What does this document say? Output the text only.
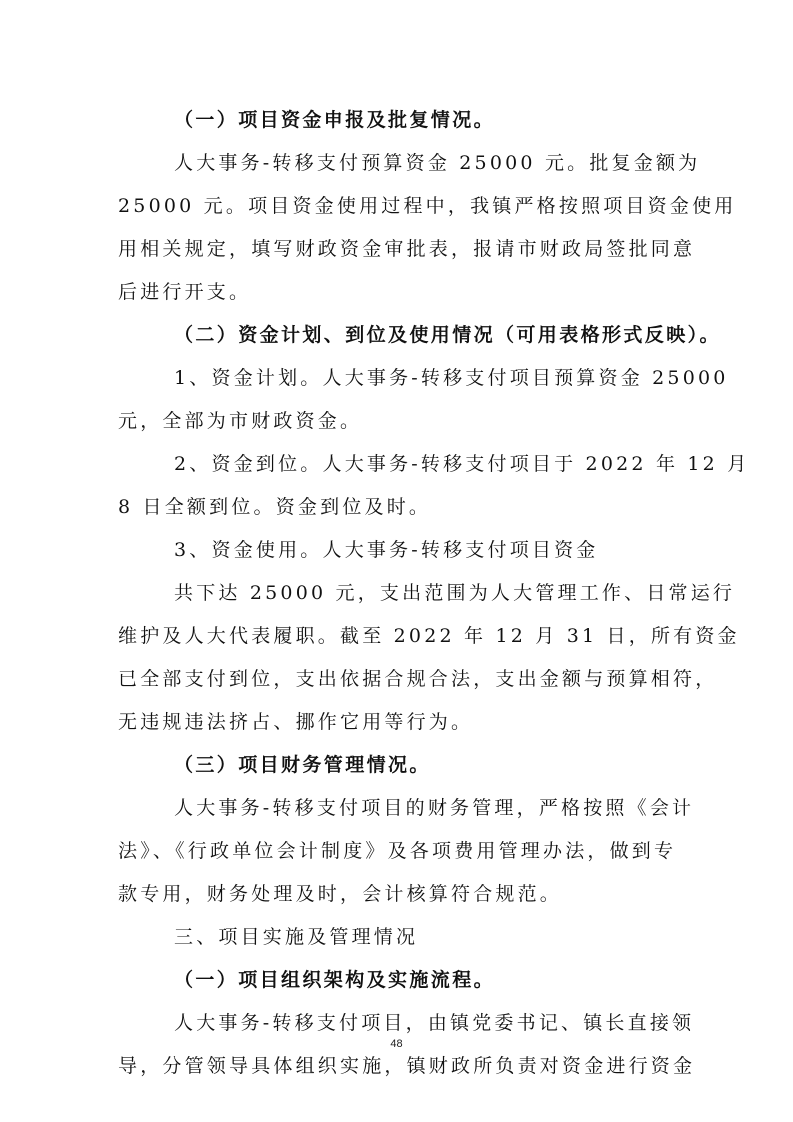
（一）项目资金申报及批复情况。
人大事务-转移支付预算资金 25000 元。批复金额为
25000 元。项目资金使用过程中，我镇严格按照项目资金使用
用相关规定，填写财政资金审批表，报请市财政局签批同意
后进行开支。
（二）资金计划、到位及使用情况（可用表格形式反映）。
1、资金计划。人大事务-转移支付项目预算资金 25000
元，全部为市财政资金。
2、资金到位。人大事务-转移支付项目于 2022 年 12 月
8 日全额到位。资金到位及时。
3、资金使用。人大事务-转移支付项目资金
共下达 25000 元，支出范围为人大管理工作、日常运行
维护及人大代表履职。截至 2022 年 12 月 31 日，所有资金
已全部支付到位，支出依据合规合法，支出金额与预算相符，
无违规违法挤占、挪作它用等行为。
（三）项目财务管理情况。
人大事务-转移支付项目的财务管理，严格按照《会计
法》、《行政单位会计制度》及各项费用管理办法，做到专
款专用，财务处理及时，会计核算符合规范。
三、项目实施及管理情况
（一）项目组织架构及实施流程。
人大事务-转移支付项目，由镇党委书记、镇长直接领
导，分管领导具体组织实施，镇财政所负责对资金进行资金
48
